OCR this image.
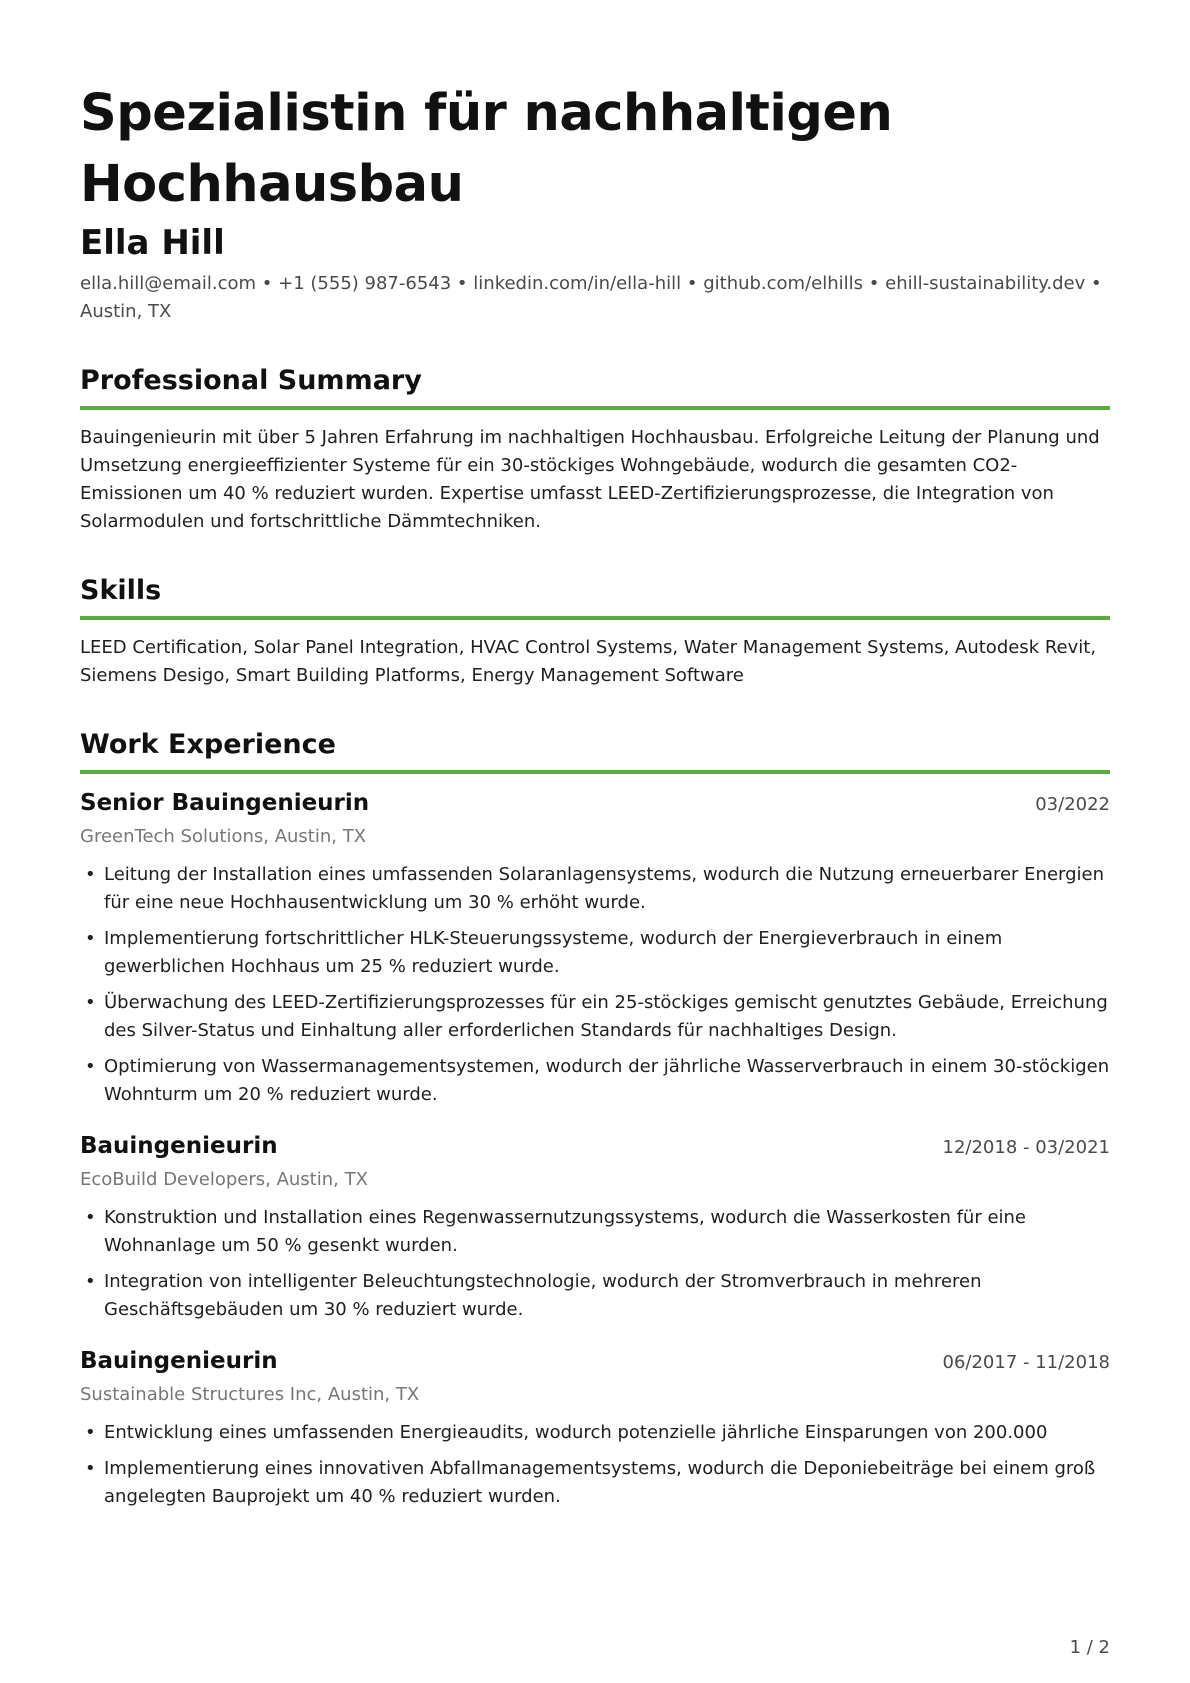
Spezialistin für nachhaltigen Hochhausbau
Ella Hill
ella.hill@email.com • +1 (555) 987-6543 • linkedin.com/in/ella-hill • github.com/elhills • ehill-sustainability.dev • Austin, TX
Professional Summary
Bauingenieurin mit über 5 Jahren Erfahrung im nachhaltigen Hochhausbau. Erfolgreiche Leitung der Planung und Umsetzung energieeffizienter Systeme für ein 30-stöckiges Wohngebäude, wodurch die gesamten CO2-Emissionen um 40 % reduziert wurden. Expertise umfasst LEED-Zertifizierungsprozesse, die Integration von Solarmodulen und fortschrittliche Dämmtechniken.
Skills
LEED Certification, Solar Panel Integration, HVAC Control Systems, Water Management Systems, Autodesk Revit, Siemens Desigo, Smart Building Platforms, Energy Management Software
Work Experience
Senior Bauingenieurin	03/2022
GreenTech Solutions, Austin, TX
• Leitung der Installation eines umfassenden Solaranlagensystems, wodurch die Nutzung erneuerbarer Energien für eine neue Hochhausentwicklung um 30 % erhöht wurde.
• Implementierung fortschrittlicher HLK-Steuerungssysteme, wodurch der Energieverbrauch in einem gewerblichen Hochhaus um 25 % reduziert wurde.
• Überwachung des LEED-Zertifizierungsprozesses für ein 25-stöckiges gemischt genutztes Gebäude, Erreichung des Silver-Status und Einhaltung aller erforderlichen Standards für nachhaltiges Design.
• Optimierung von Wassermanagementsystemen, wodurch der jährliche Wasserverbrauch in einem 30-stöckigen Wohnturm um 20 % reduziert wurde.
Bauingenieurin	12/2018 - 03/2021
EcoBuild Developers, Austin, TX
• Konstruktion und Installation eines Regenwassernutzungssystems, wodurch die Wasserkosten für eine Wohnanlage um 50 % gesenkt wurden.
• Integration von intelligenter Beleuchtungstechnologie, wodurch der Stromverbrauch in mehreren Geschäftsgebäuden um 30 % reduziert wurde.
Bauingenieurin	06/2017 - 11/2018
Sustainable Structures Inc, Austin, TX
• Entwicklung eines umfassenden Energieaudits, wodurch potenzielle jährliche Einsparungen von 200.000
• Implementierung eines innovativen Abfallmanagementsystems, wodurch die Deponiebeiträge bei einem groß angelegten Bauprojekt um 40 % reduziert wurden.
1 / 2
